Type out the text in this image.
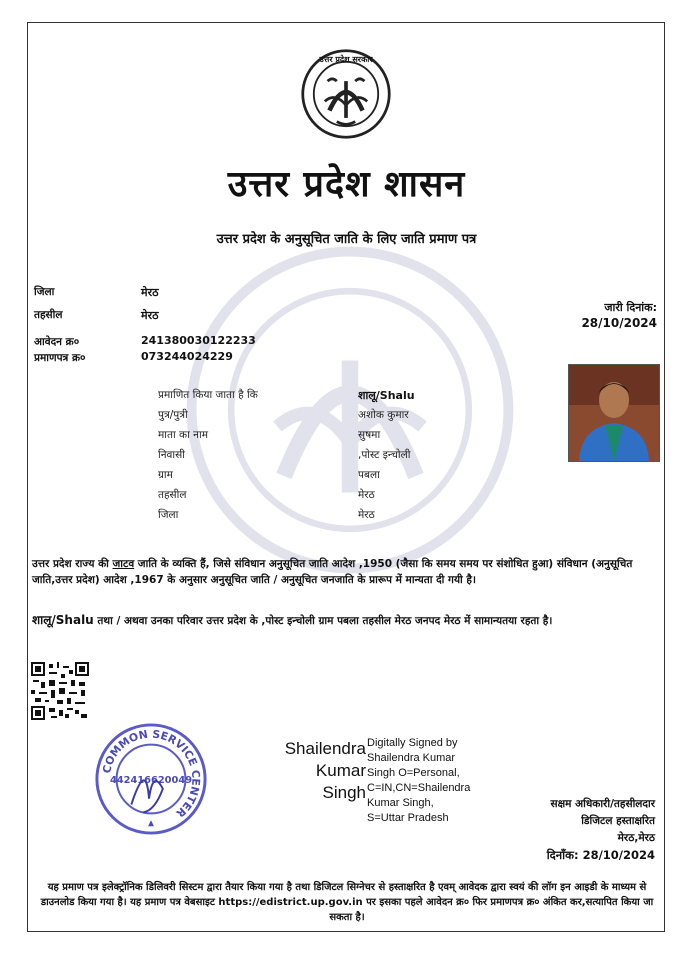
उत्तर प्रदेश सरकार
उत्तर प्रदेश शासन
उत्तर प्रदेश के अनुसूचित जाति के लिए जाति प्रमाण पत्र
जिला	मेरठ
तहसील	मेरठ
आवेदन क्र०	241380030122233
प्रमाणपत्र क्र०	073244024229
जारी दिनांक:
28/10/2024
प्रमाणित किया जाता है कि	शालू/Shalu
पुत्र/पुत्री	अशोक कुमार
माता का नाम	सुषमा
निवासी	,पोस्ट इन्चोली
ग्राम	पबला
तहसील	मेरठ
जिला	मेरठ
उत्तर प्रदेश राज्य की जाटव जाति के व्यक्ति हैं, जिसे संविधान अनुसूचित जाति आदेश ,1950 (जैसा कि समय समय पर संशोधित हुआ) संविधान (अनुसूचित जाति,उत्तर प्रदेश) आदेश ,1967 के अनुसार अनुसूचित जाति / अनुसूचित जनजाति के प्रारूप में मान्यता दी गयी है।
शालू/Shalu तथा / अथवा उनका परिवार उत्तर प्रदेश के ,पोस्ट इन्चोली ग्राम पबला तहसील मेरठ जनपद मेरठ में सामान्यतया रहता है।
COMMON SERVICE CENTER
442416620049
Shailendra
Kumar
Singh
Digitally Signed by
Shailendra Kumar
Singh O=Personal,
C=IN,CN=Shailendra
Kumar Singh,
S=Uttar Pradesh
सक्षम अधिकारी/तहसीलदार
डिजिटल हस्ताक्षरित
मेरठ,मेरठ
दिनाँक: 28/10/2024
यह प्रमाण पत्र इलेक्ट्रॉनिक डिलिवरी सिस्टम द्वारा तैयार किया गया है तथा डिजिटल सिग्नेचर से हस्ताक्षरित है एवम् आवेदक द्वारा स्वयं की लॉग इन आइडी के माध्यम से डाउनलोड किया गया है। यह प्रमाण पत्र वेबसाइट https://edistrict.up.gov.in पर इसका पहले आवेदन क्र० फिर प्रमाणपत्र क्र० अंकित कर,सत्यापित किया जा सकता है।
